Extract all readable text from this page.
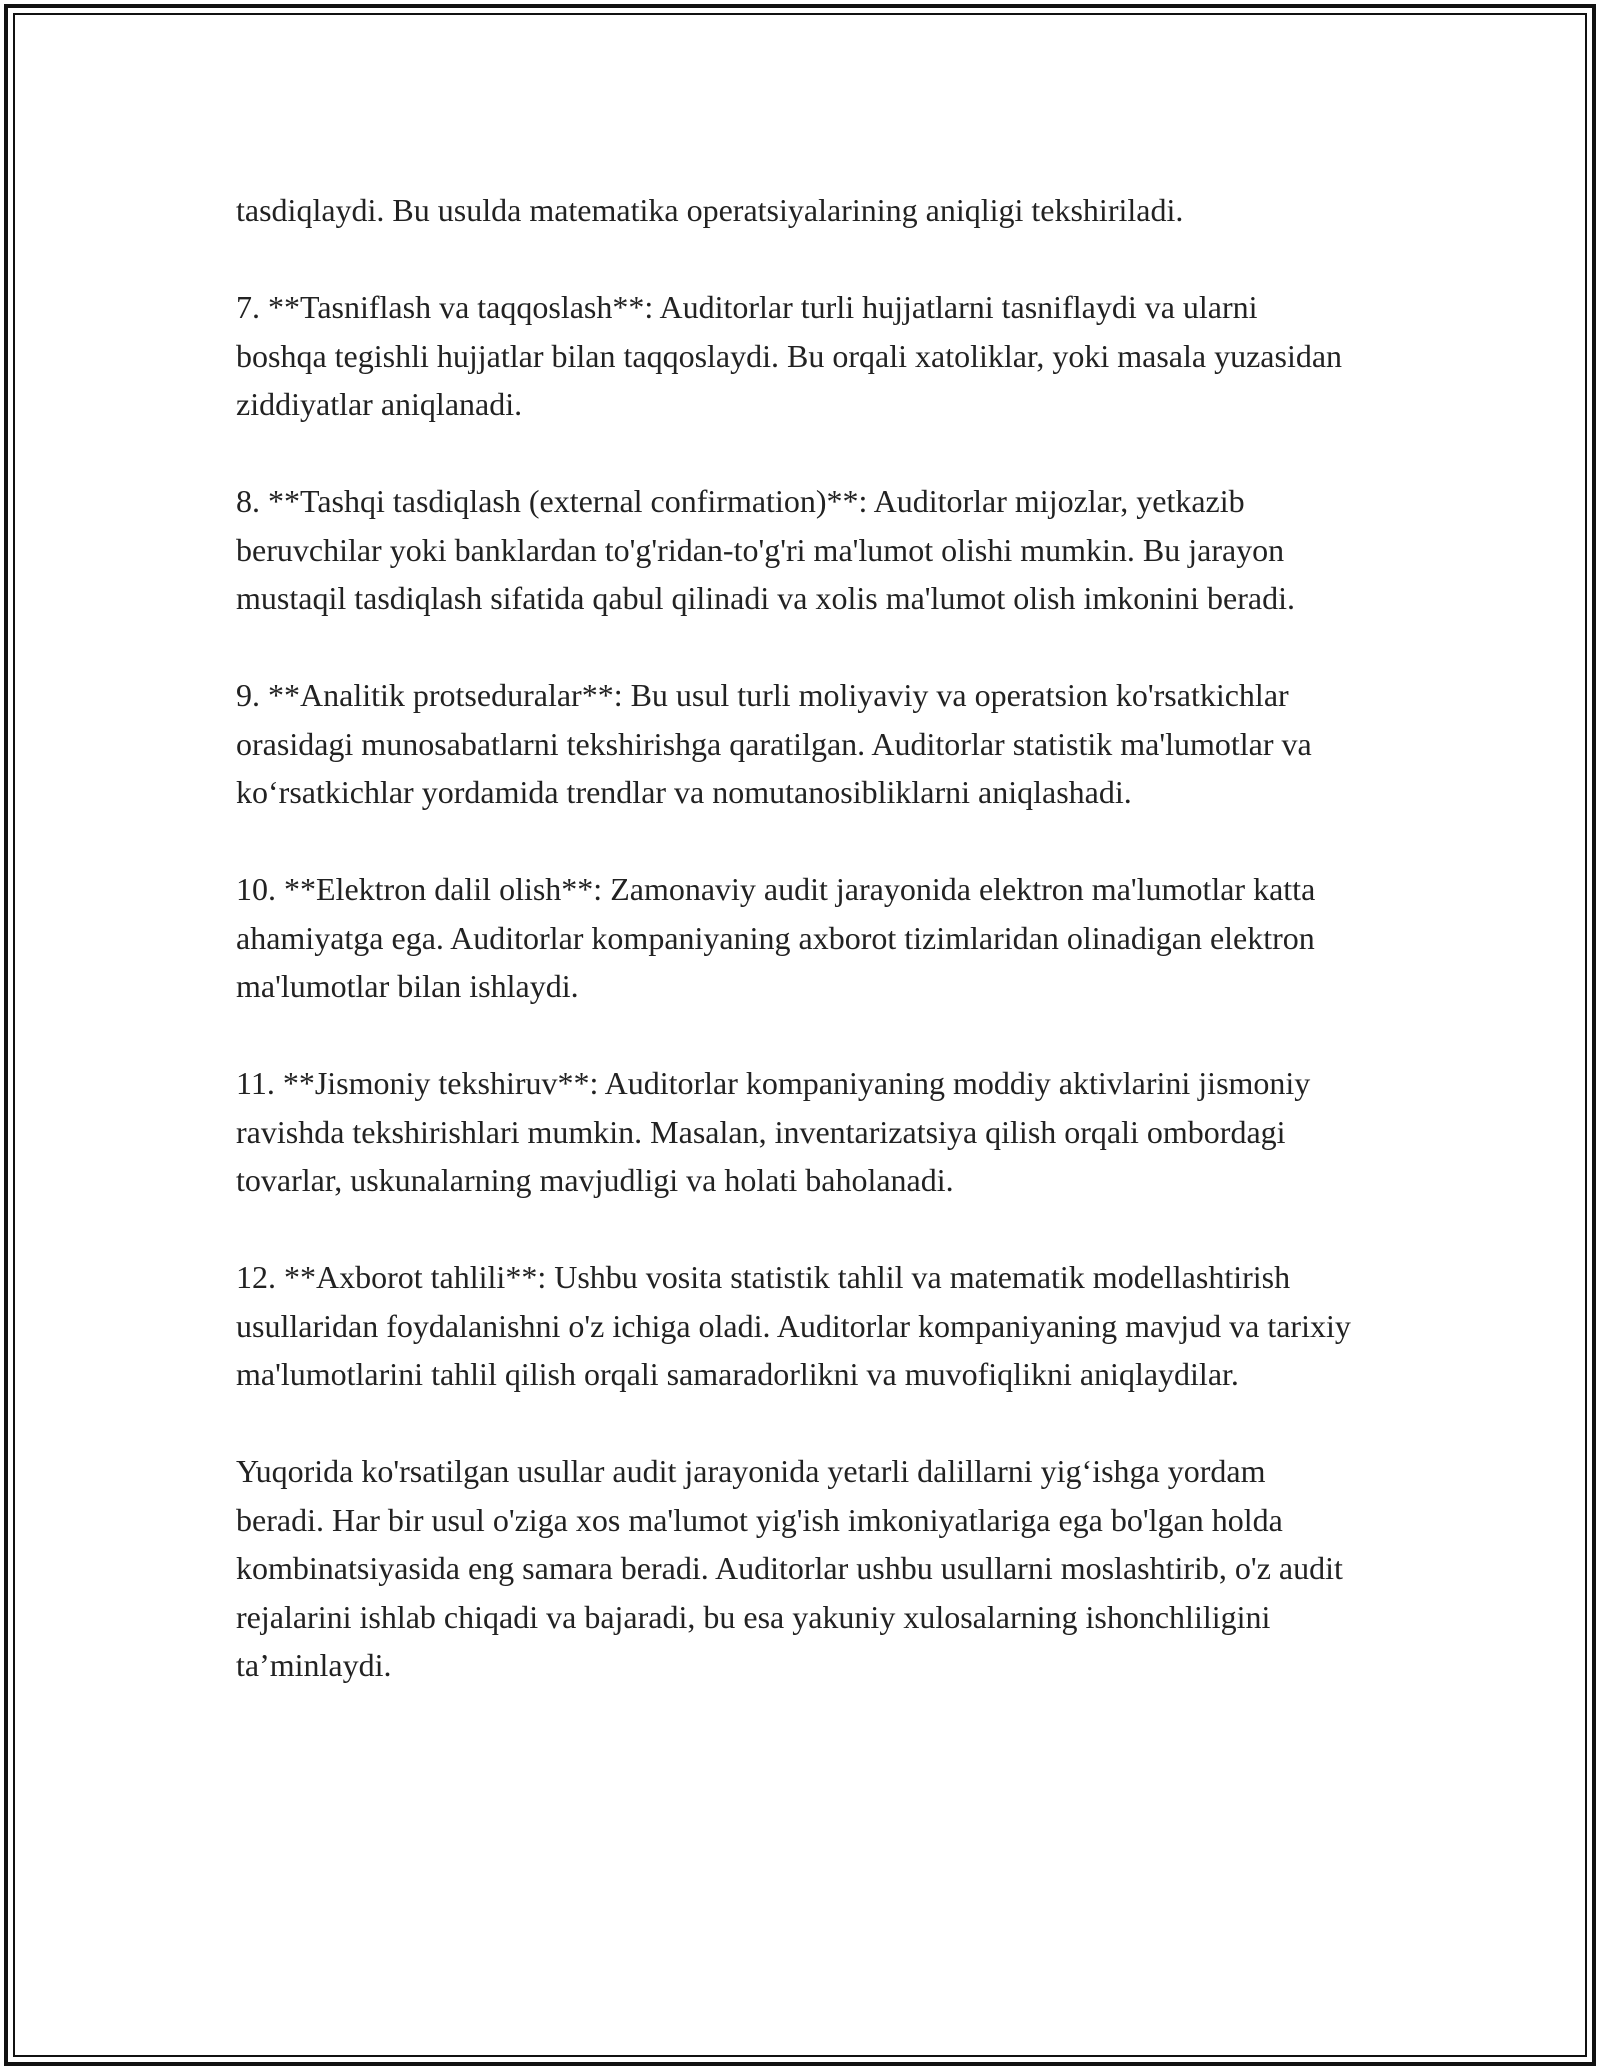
tasdiqlaydi. Bu usulda matematika operatsiyalarining aniqligi tekshiriladi.

7. **Tasniflash va taqqoslash**: Auditorlar turli hujjatlarni tasniflaydi va ularni boshqa tegishli hujjatlar bilan taqqoslaydi. Bu orqali xatoliklar, yoki masala yuzasidan ziddiyatlar aniqlanadi.

8. **Tashqi tasdiqlash (external confirmation)**: Auditorlar mijozlar, yetkazib beruvchilar yoki banklardan to'g'ridan-to'g'ri ma'lumot olishi mumkin. Bu jarayon mustaqil tasdiqlash sifatida qabul qilinadi va xolis ma'lumot olish imkonini beradi.

9. **Analitik protseduralar**: Bu usul turli moliyaviy va operatsion ko'rsatkichlar orasidagi munosabatlarni tekshirishga qaratilgan. Auditorlar statistik ma'lumotlar va ko‘rsatkichlar yordamida trendlar va nomutanosibliklarni aniqlashadi.

10. **Elektron dalil olish**: Zamonaviy audit jarayonida elektron ma'lumotlar katta ahamiyatga ega. Auditorlar kompaniyaning axborot tizimlaridan olinadigan elektron ma'lumotlar bilan ishlaydi.

11. **Jismoniy tekshiruv**: Auditorlar kompaniyaning moddiy aktivlarini jismoniy ravishda tekshirishlari mumkin. Masalan, inventarizatsiya qilish orqali ombordagi tovarlar, uskunalarning mavjudligi va holati baholanadi.

12. **Axborot tahlili**: Ushbu vosita statistik tahlil va matematik modellashtirish usullaridan foydalanishni o'z ichiga oladi. Auditorlar kompaniyaning mavjud va tarixiy ma'lumotlarini tahlil qilish orqali samaradorlikni va muvofiqlikni aniqlaydilar.

Yuqorida ko'rsatilgan usullar audit jarayonida yetarli dalillarni yig‘ishga yordam beradi. Har bir usul o'ziga xos ma'lumot yig'ish imkoniyatlariga ega bo'lgan holda kombinatsiyasida eng samara beradi. Auditorlar ushbu usullarni moslashtirib, o'z audit rejalarini ishlab chiqadi va bajaradi, bu esa yakuniy xulosalarning ishonchliligini ta’minlaydi.
